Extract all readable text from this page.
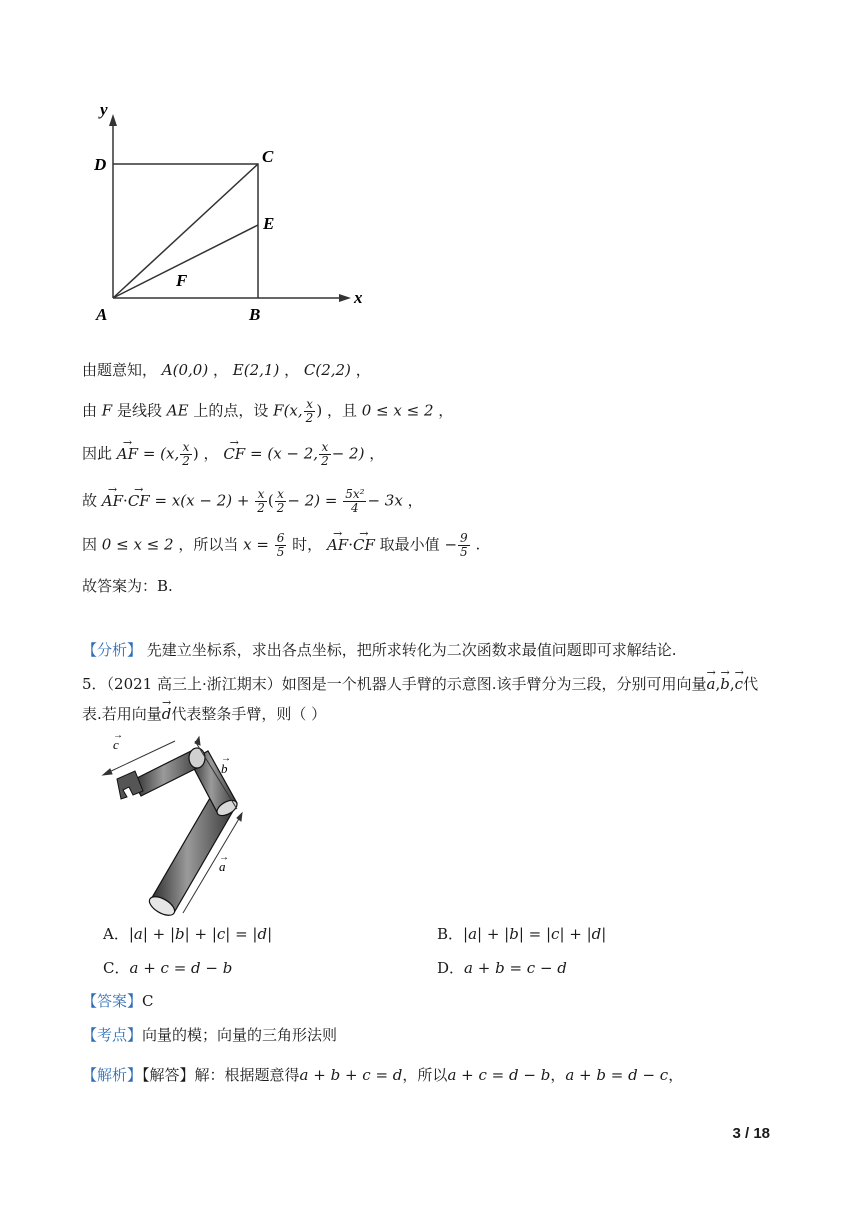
y
x
D	C
E
F
A	B
由题意知， A(0,0) ， E(2,1) ， C(2,2) ，
由 F 是线段 AE 上的点，设 F(x, $\frac{x}{2}$ ) ，且 0 ≤ x ≤ 2 ，
因此 → AF = (x, $\frac{x}{2}$ ) ， → CF = (x − 2, $\frac{x}{2} - 2$) ，
故 → AF·→ CF = $x(x - 2) + \frac{x}{2}$ ( $\frac{x}{2} - 2) = \frac{\text{5x²}}{4} - 3x$ ，
因 0 ≤ x ≤ 2 ，所以当 $x = \frac{6}{5}$ 时， → AF·→ CF 取最小值 − $\frac{9}{5}$ .
故答案为：B.
【分析】 先建立坐标系，求出各点坐标，把所求转化为二次函数求最值问题即可求解结论.
5．（2021 高三上·浙江期末）如图是一个机器人手臂的示意图.该手臂分为三段，分别可用向量→ a,→ b,→ c代
表.若用向量→ d代表整条手臂，则（ ）
c
→
b
→
a
→
A．|a| + |b| + |c| = |d|	B．|a| + |b| = |c| + |d|
C．a + c = d − b	D．a + b = c − d
【答案】C
【考点】向量的模；向量的三角形法则
【解析】【解答】解：根据题意得a + b + c = d，所以a + c = d − b，a + b = d − c，
3 / 18
